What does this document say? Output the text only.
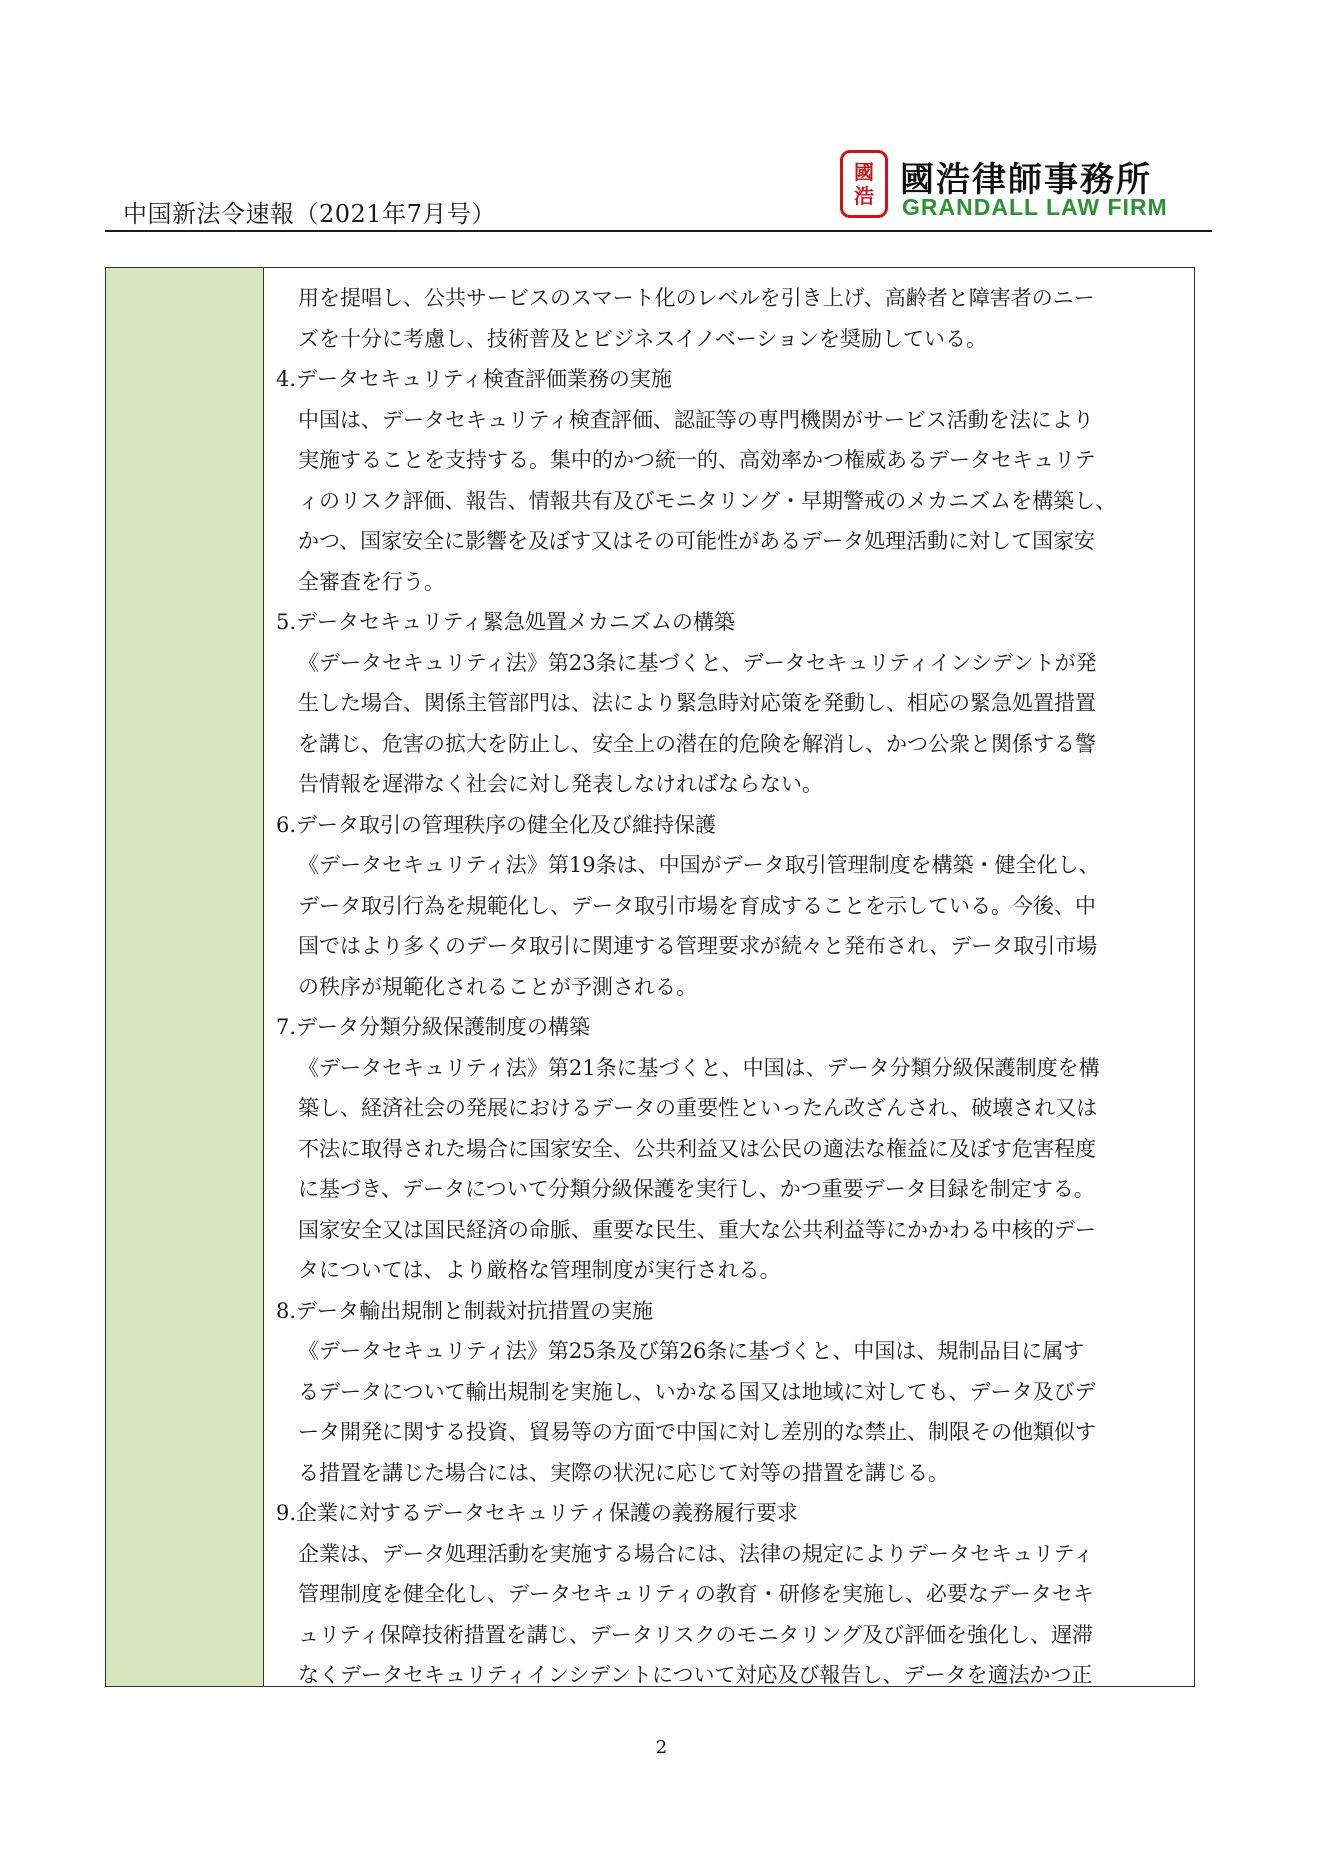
中国新法令速報（2021年7月号）
國
浩 國浩律師事務所
GRANDALL LAW FIRM
用を提唱し、公共サービスのスマート化のレベルを引き上げ、高齢者と障害者のニー
ズを十分に考慮し、技術普及とビジネスイノベーションを奨励している。
4.データセキュリティ検査評価業務の実施
中国は、データセキュリティ検査評価、認証等の専門機関がサービス活動を法により
実施することを支持する。集中的かつ統一的、高効率かつ権威あるデータセキュリテ
ィのリスク評価、報告、情報共有及びモニタリング・早期警戒のメカニズムを構築し、
かつ、国家安全に影響を及ぼす又はその可能性があるデータ処理活動に対して国家安
全審査を行う。
5.データセキュリティ緊急処置メカニズムの構築
《データセキュリティ法》第23条に基づくと、データセキュリティインシデントが発
生した場合、関係主管部門は、法により緊急時対応策を発動し、相応の緊急処置措置
を講じ、危害の拡大を防止し、安全上の潜在的危険を解消し、かつ公衆と関係する警
告情報を遅滞なく社会に対し発表しなければならない。
6.データ取引の管理秩序の健全化及び維持保護
《データセキュリティ法》第19条は、中国がデータ取引管理制度を構築・健全化し、
データ取引行為を規範化し、データ取引市場を育成することを示している。今後、中
国ではより多くのデータ取引に関連する管理要求が続々と発布され、データ取引市場
の秩序が規範化されることが予測される。
7.データ分類分級保護制度の構築
《データセキュリティ法》第21条に基づくと、中国は、データ分類分級保護制度を構
築し、経済社会の発展におけるデータの重要性といったん改ざんされ、破壊され又は
不法に取得された場合に国家安全、公共利益又は公民の適法な権益に及ぼす危害程度
に基づき、データについて分類分級保護を実行し、かつ重要データ目録を制定する。
国家安全又は国民経済の命脈、重要な民生、重大な公共利益等にかかわる中核的デー
タについては、より厳格な管理制度が実行される。
8.データ輸出規制と制裁対抗措置の実施
《データセキュリティ法》第25条及び第26条に基づくと、中国は、規制品目に属す
るデータについて輸出規制を実施し、いかなる国又は地域に対しても、データ及びデ
ータ開発に関する投資、貿易等の方面で中国に対し差別的な禁止、制限その他類似す
る措置を講じた場合には、実際の状況に応じて対等の措置を講じる。
9.企業に対するデータセキュリティ保護の義務履行要求
企業は、データ処理活動を実施する場合には、法律の規定によりデータセキュリティ
管理制度を健全化し、データセキュリティの教育・研修を実施し、必要なデータセキ
ュリティ保障技術措置を講じ、データリスクのモニタリング及び評価を強化し、遅滞
なくデータセキュリティインシデントについて対応及び報告し、データを適法かつ正
2
